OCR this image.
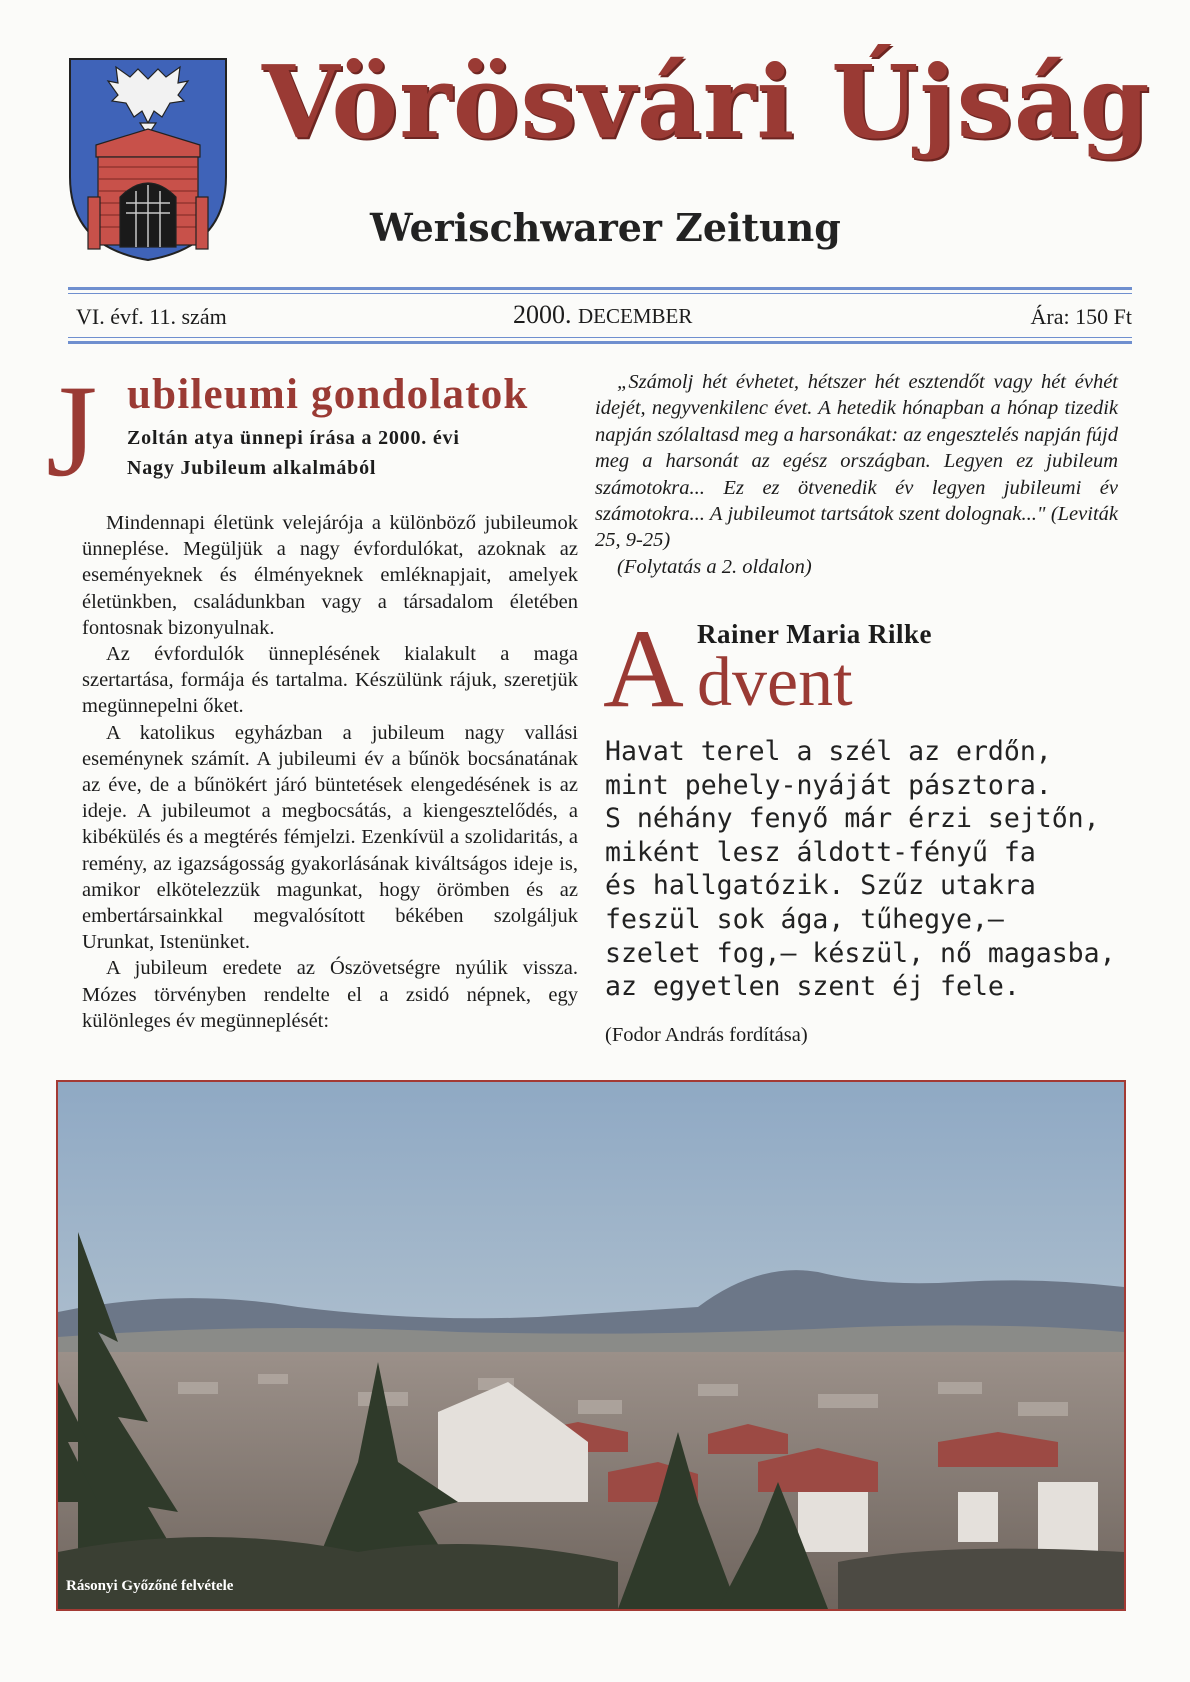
Vörösvári Újság
Werischwarer Zeitung
VI. évf. 11. szám	2000. DECEMBER	Ára: 150 Ft
J ubileumi gondolatok
Zoltán atya ünnepi írása a 2000. évi
Nagy Jubileum alkalmából

Mindennapi életünk velejárója a különböző jubileumok ünneplése. Megüljük a nagy évfordulókat, azoknak az eseményeknek és élményeknek emléknapjait, amelyek életünkben, családunkban vagy a társadalom életében fontosnak bizonyulnak.

Az évfordulók ünneplésének kialakult a maga szertartása, formája és tartalma. Készülünk rájuk, szeretjük megünnepelni őket.

A katolikus egyházban a jubileum nagy vallási eseménynek számít. A jubileumi év a bűnök bocsánatának az éve, de a bűnökért járó büntetések elengedésének is az ideje. A jubileumot a megbocsátás, a kiengesztelődés, a kibékülés és a megtérés fémjelzi. Ezenkívül a szolidaritás, a remény, az igazságosság gyakorlásának kiváltságos ideje is, amikor elkötelezzük magunkat, hogy örömben és az embertársainkkal megvalósított békében szolgáljuk Urunkat, Istenünket.

A jubileum eredete az Ószövetségre nyúlik vissza. Mózes törvényben rendelte el a zsidó népnek, egy különleges év megünneplését:

„Számolj hét évhetet, hétszer hét esztendőt vagy hét évhét idejét, negyvenkilenc évet. A hetedik hónapban a hónap tizedik napján szólaltasd meg a harsonákat: az engesztelés napján fújd meg a harsonát az egész országban. Legyen ez jubileum számotokra... Ez ez ötvenedik év legyen jubileumi év számotokra... A jubileumot tartsátok szent dolognak..." (Leviták 25, 9-25)

(Folytatás a 2. oldalon)

A Rainer Maria Rilke
dvent
Havat terel a szél az erdőn,
mint pehely-nyáját pásztora.
S néhány fenyő már érzi sejtőn,
miként lesz áldott-fényű fa
és hallgatózik. Szűz utakra
feszül sok ága, tűhegye,–
szelet fog,– készül, nő magasba,
az egyetlen szent éj fele.
(Fodor András fordítása)
Rásonyi Győzőné felvétele
